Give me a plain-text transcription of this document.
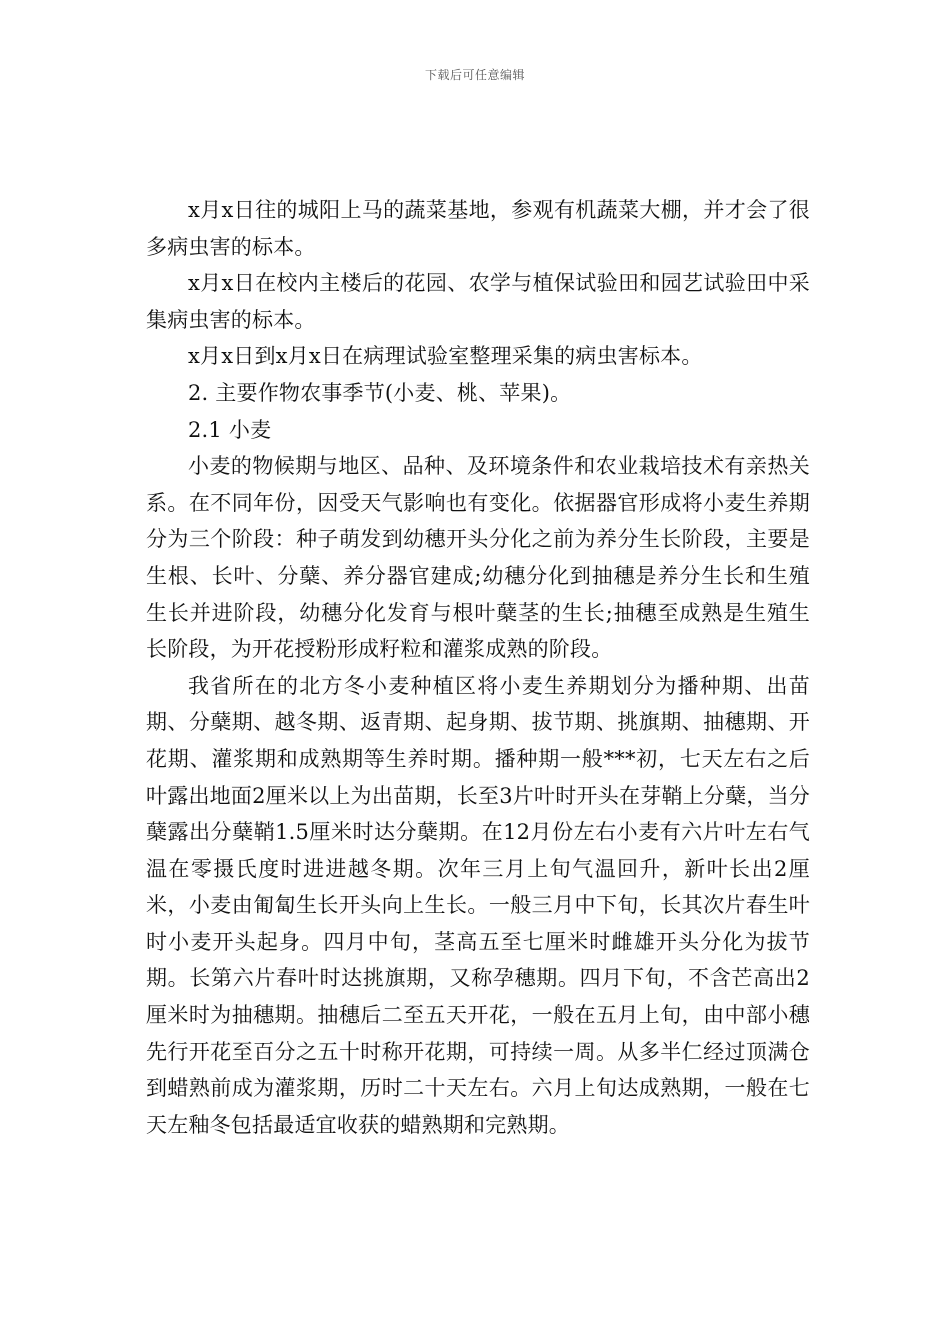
下载后可任意编辑

x月x日往的城阳上马的蔬菜基地，参观有机蔬菜大棚，并才会了很多病虫害的标本。

x月x日在校内主楼后的花园、农学与植保试验田和园艺试验田中采集病虫害的标本。

x月x日到x月x日在病理试验室整理采集的病虫害标本。

2. 主要作物农事季节(小麦、桃、苹果)。

2.1 小麦

小麦的物候期与地区、品种、及环境条件和农业栽培技术有亲热关系。在不同年份，因受天气影响也有变化。依据器官形成将小麦生养期分为三个阶段：种子萌发到幼穗开头分化之前为养分生长阶段，主要是生根、长叶、分蘖、养分器官建成;幼穗分化到抽穗是养分生长和生殖生长并进阶段，幼穗分化发育与根叶蘖茎的生长;抽穗至成熟是生殖生长阶段，为开花授粉形成籽粒和灌浆成熟的阶段。

我省所在的北方冬小麦种植区将小麦生养期划分为播种期、出苗期、分蘖期、越冬期、返青期、起身期、拔节期、挑旗期、抽穗期、开花期、灌浆期和成熟期等生养时期。播种期一般***初，七天左右之后叶露出地面2厘米以上为出苗期，长至3片叶时开头在芽鞘上分蘖，当分蘖露出分蘖鞘1.5厘米时达分蘖期。在12月份左右小麦有六片叶左右气温在零摄氏度时进进越冬期。次年三月上旬气温回升，新叶长出2厘米，小麦由匍匐生长开头向上生长。一般三月中下旬，长其次片春生叶时小麦开头起身。四月中旬，茎高五至七厘米时雌雄开头分化为拔节期。长第六片春叶时达挑旗期，又称孕穗期。四月下旬，不含芒高出2厘米时为抽穗期。抽穗后二至五天开花，一般在五月上旬，由中部小穗先行开花至百分之五十时称开花期，可持续一周。从多半仁经过顶满仓到蜡熟前成为灌浆期，历时二十天左右。六月上旬达成熟期，一般在七天左釉冬包括最适宜收获的蜡熟期和完熟期。
